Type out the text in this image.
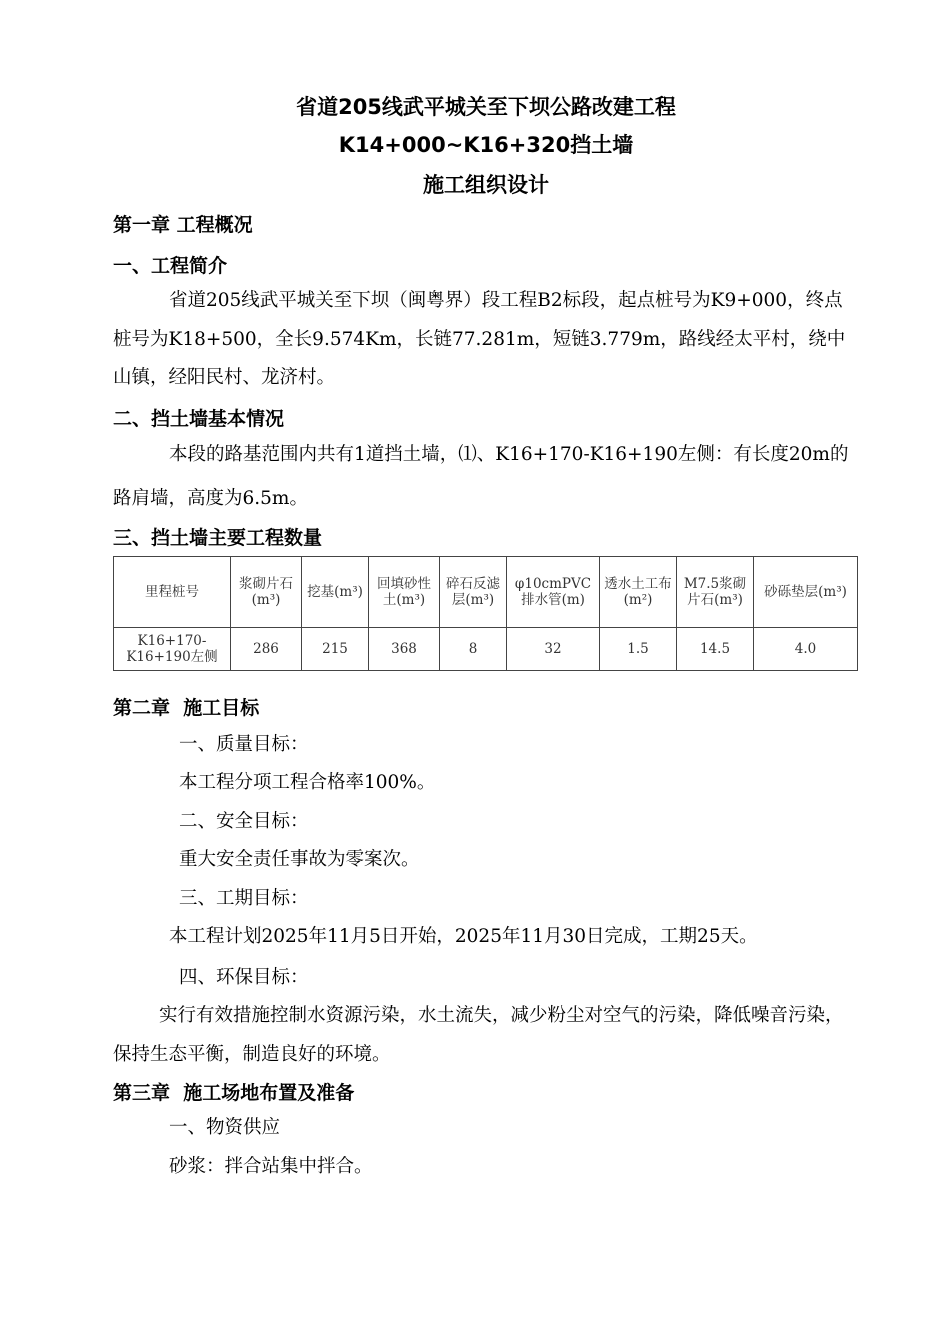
省道205线武平城关至下坝公路改建工程

K14+000~K16+320挡土墙

施工组织设计

第一章 工程概况

一、工程简介

省道205线武平城关至下坝（闽粤界）段工程B2标段，起点桩号为K9+000，终点桩号为K18+500，全长9.574Km，长链77.281m，短链3.779m，路线经太平村，绕中山镇，经阳民村、龙济村。

二、挡土墙基本情况

本段的路基范围内共有1道挡土墙，⑴、K16+170-K16+190左侧：有长度20m的路肩墙，高度为6.5m。

三、挡土墙主要工程数量

里程桩号	浆砌片石(m³)	挖基(m³)	回填砂性土(m³)	碎石反滤层(m³)	φ10cmPVC排水管(m)	透水土工布(m²)	M7.5浆砌片石(m³)	砂砾垫层(m³)
K16+170-K16+190左侧	286	215	368	8	32	1.5	14.5	4.0

第二章  施工目标

一、质量目标：

本工程分项工程合格率100%。

二、安全目标：

重大安全责任事故为零案次。

三、工期目标：

本工程计划2025年11月5日开始，2025年11月30日完成，工期25天。

四、环保目标：

实行有效措施控制水资源污染，水土流失，减少粉尘对空气的污染，降低噪音污染，保持生态平衡，制造良好的环境。

第三章  施工场地布置及准备

一、物资供应

砂浆：拌合站集中拌合。
